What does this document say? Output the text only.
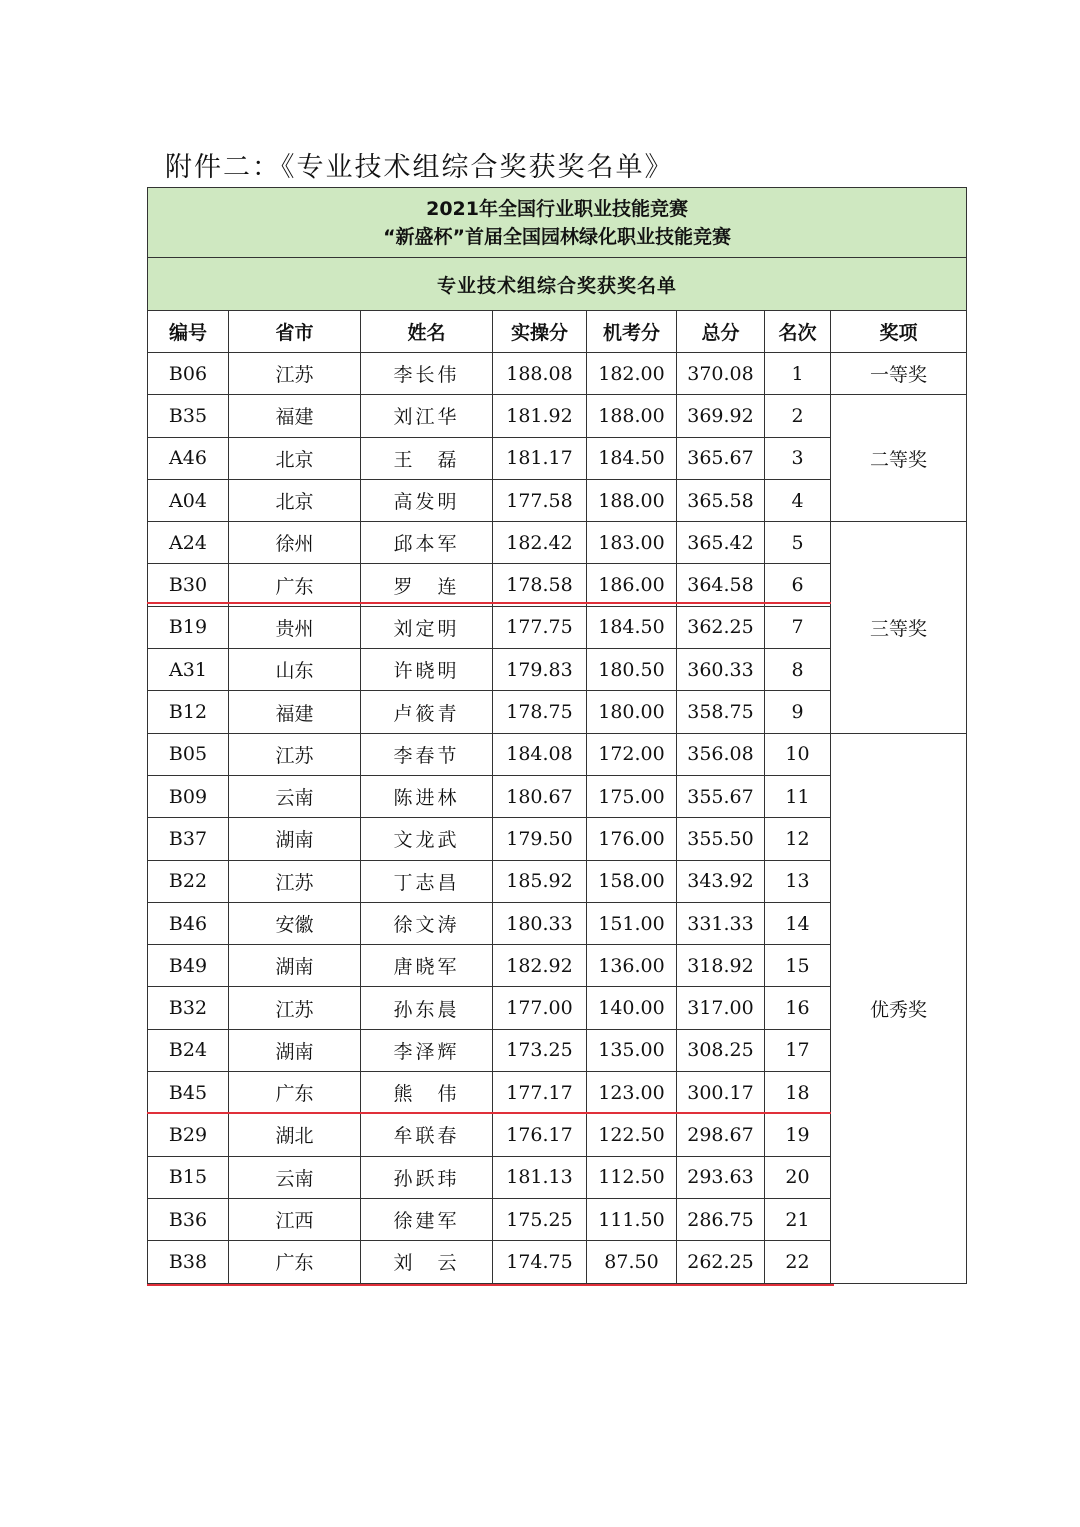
附件二：《专业技术组综合奖获奖名单》
2021年全国行业职业技能竞赛
“新盛杯”首届全国园林绿化职业技能竞赛							

专业技术组综合奖获奖名单							
编号	省市	姓名	实操分	机考分	总分	名次	奖项
B06	江苏	李长伟	188.08	182.00	370.08	1	一等奖
B35	福建	刘江华	181.92	188.00	369.92	2	二等奖
A46	北京	王　磊	181.17	184.50	365.67	3	
A04	北京	高发明	177.58	188.00	365.58	4	
A24	徐州	邱本军	182.42	183.00	365.42	5	三等奖
B30	广东	罗　连	178.58	186.00	364.58	6	
B19	贵州	刘定明	177.75	184.50	362.25	7	
A31	山东	许晓明	179.83	180.50	360.33	8	
B12	福建	卢筱青	178.75	180.00	358.75	9	
B05	江苏	李春节	184.08	172.00	356.08	10	优秀奖
B09	云南	陈进林	180.67	175.00	355.67	11	
B37	湖南	文龙武	179.50	176.00	355.50	12	
B22	江苏	丁志昌	185.92	158.00	343.92	13	
B46	安徽	徐文涛	180.33	151.00	331.33	14	
B49	湖南	唐晓军	182.92	136.00	318.92	15	
B32	江苏	孙东晨	177.00	140.00	317.00	16	
B24	湖南	李泽辉	173.25	135.00	308.25	17	
B45	广东	熊　伟	177.17	123.00	300.17	18	
B29	湖北	牟联春	176.17	122.50	298.67	19	
B15	云南	孙跃玮	181.13	112.50	293.63	20	
B36	江西	徐建军	175.25	111.50	286.75	21	
B38	广东	刘　云	174.75	87.50	262.25	22	
